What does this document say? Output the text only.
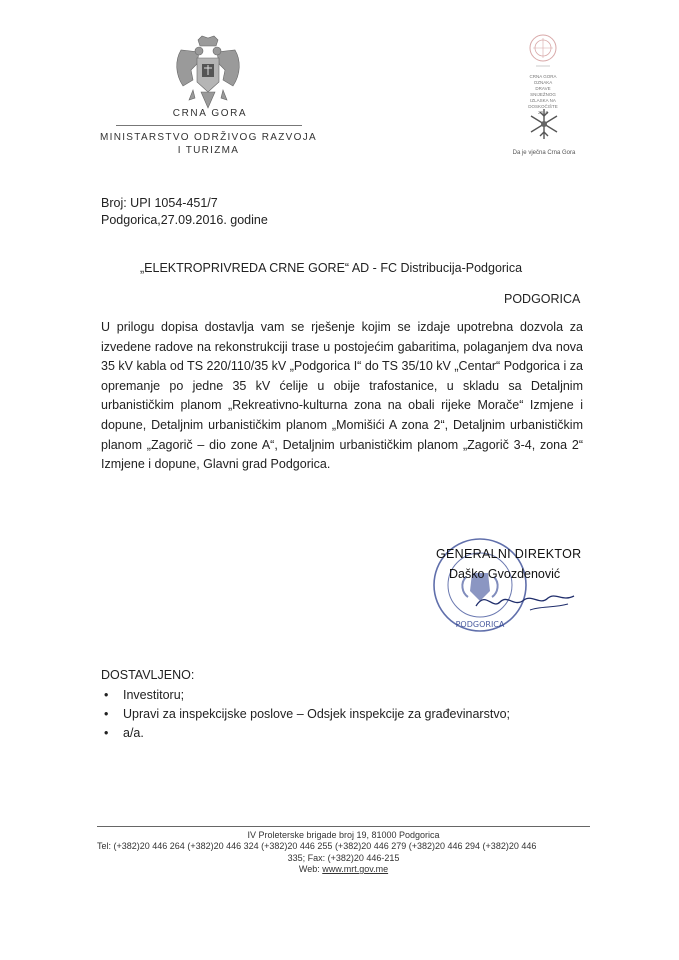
CRNA GORA
MINISTARSTVO ODRŽIVOG RAZVOJA
I TURIZMA
CRNA GORA
OZNAKA
DRAVE
SNIJEŽNOG
IZLASKA NA
DOSKOČIŠTE
2016
Da je vječna Crna Gora
Broj: UPI 1054-451/7
Podgorica,27.09.2016. godine
„ELEKTROPRIVREDA CRNE GORE“ AD - FC Distribucija-Podgorica
PODGORICA
U prilogu dopisa dostavlja vam se rješenje kojim se izdaje upotrebna dozvola za izvedene radove na rekonstrukciji trase u postojećim gabaritima, polaganjem dva nova 35 kV kabla od TS 220/110/35 kV „Podgorica I“ do TS 35/10 kV „Centar“ Podgorica i za opremanje po jedne 35 kV ćelije u obije trafostanice, u skladu sa Detaljnim urbanističkim planom „Rekreativno-kulturna zona na obali rijeke Morače“ Izmjene i dopune, Detaljnim urbanističkim planom „Momišići A zona 2“, Detaljnim urbanističkim planom „Zagorič – dio zone A“, Detaljnim urbanističkim planom „Zagorič 3-4, zona 2“ Izmjene i dopune, Glavni grad Podgorica.
PODGORICA
GENERALNI DIREKTOR
Daško Gvozdenović
DOSTAVLJENO:
• Investitoru;
• Upravi za inspekcijske poslove – Odsjek inspekcije za građevinarstvo;
• a/a.
IV Proleterske brigade broj 19, 81000 Podgorica
Tel: (+382)20 446 264 (+382)20 446 324 (+382)20 446 255 (+382)20 446 279 (+382)20 446 294 (+382)20 446
335; Fax: (+382)20 446-215
Web: www.mrt.gov.me
